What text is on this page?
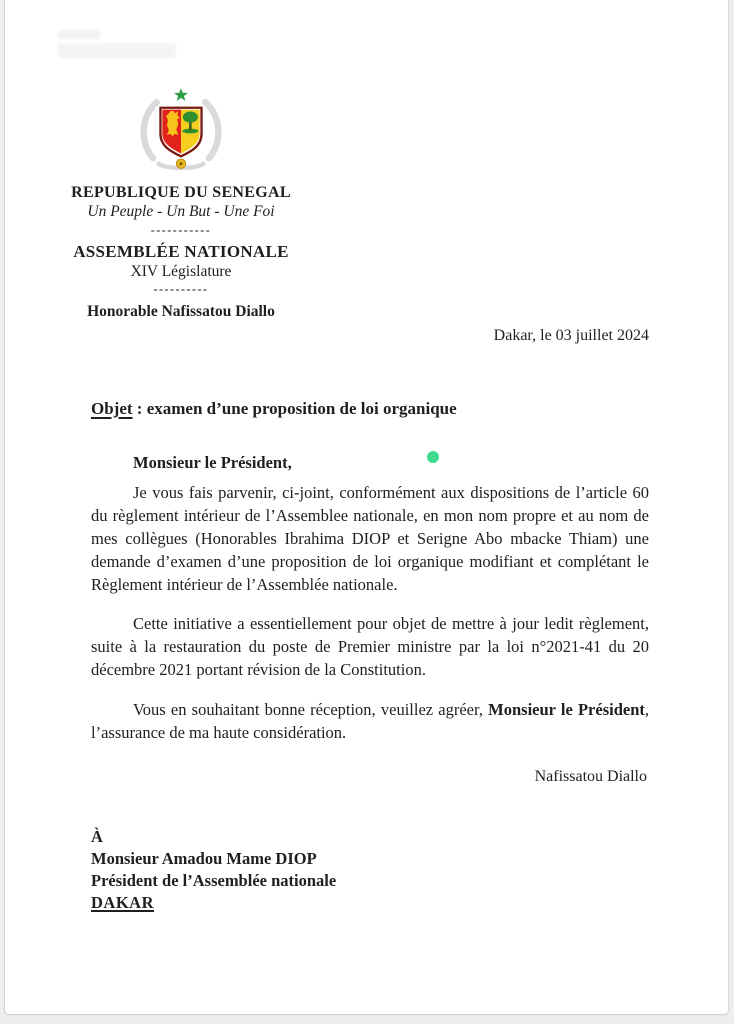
REPUBLIQUE DU SENEGAL
Un Peuple - Un But - Une Foi
-----------
ASSEMBLÉE NATIONALE
XIV Législature
----------
Honorable Nafissatou Diallo
Dakar, le 03 juillet 2024
Objet : examen d’une proposition de loi organique
Monsieur le Président,

Je vous fais parvenir, ci-joint, conformément aux dispositions de l’article 60 du règlement intérieur de l’Assemblee nationale, en mon nom propre et au nom de mes collègues (Honorables Ibrahima DIOP et Serigne Abo mbacke Thiam) une demande d’examen d’une proposition de loi organique modifiant et complétant le Règlement intérieur de l’Assemblée nationale.

Cette initiative a essentiellement pour objet de mettre à jour ledit règlement, suite à la restauration du poste de Premier ministre par la loi n°2021-41 du 20 décembre 2021 portant révision de la Constitution.

Vous en souhaitant bonne réception, veuillez agréer, Monsieur le Président, l’assurance de ma haute considération.

Nafissatou Diallo
À
Monsieur Amadou Mame DIOP
Président de l’Assemblée nationale
DAKAR
